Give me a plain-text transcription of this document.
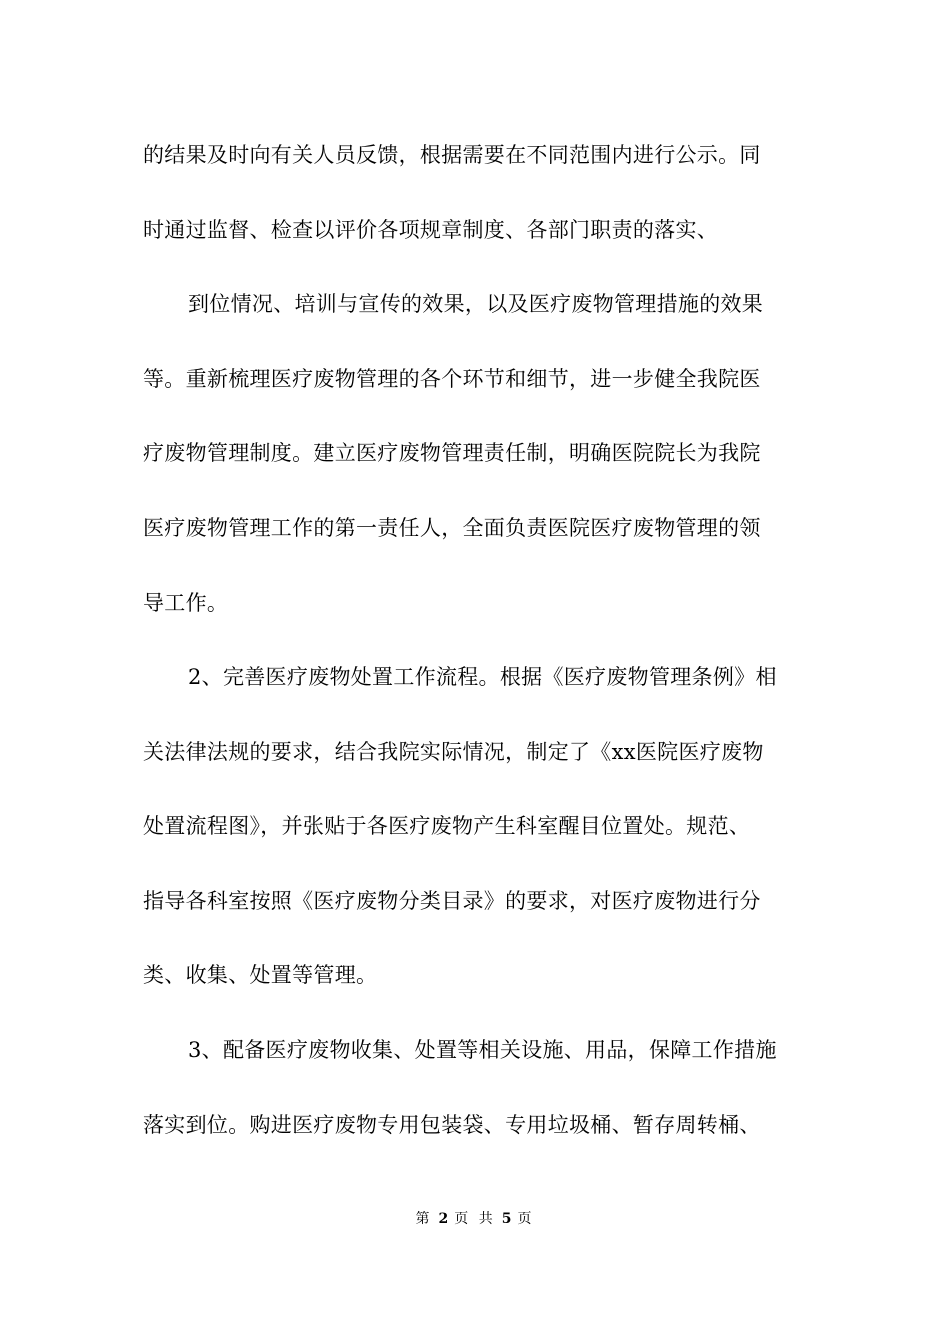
的结果及时向有关人员反馈，根据需要在不同范围内进行公示。同
时通过监督、检查以评价各项规章制度、各部门职责的落实、
到位情况、培训与宣传的效果，以及医疗废物管理措施的效果
等。重新梳理医疗废物管理的各个环节和细节，进一步健全我院医
疗废物管理制度。建立医疗废物管理责任制，明确医院院长为我院
医疗废物管理工作的第一责任人，全面负责医院医疗废物管理的领
导工作。
2、完善医疗废物处置工作流程。根据《医疗废物管理条例》相
关法律法规的要求，结合我院实际情况，制定了《xx医院医疗废物
处置流程图》，并张贴于各医疗废物产生科室醒目位置处。规范、
指导各科室按照《医疗废物分类目录》的要求，对医疗废物进行分
类、收集、处置等管理。
3、配备医疗废物收集、处置等相关设施、用品，保障工作措施
落实到位。购进医疗废物专用包装袋、专用垃圾桶、暂存周转桶、
第 2 页 共 5 页
